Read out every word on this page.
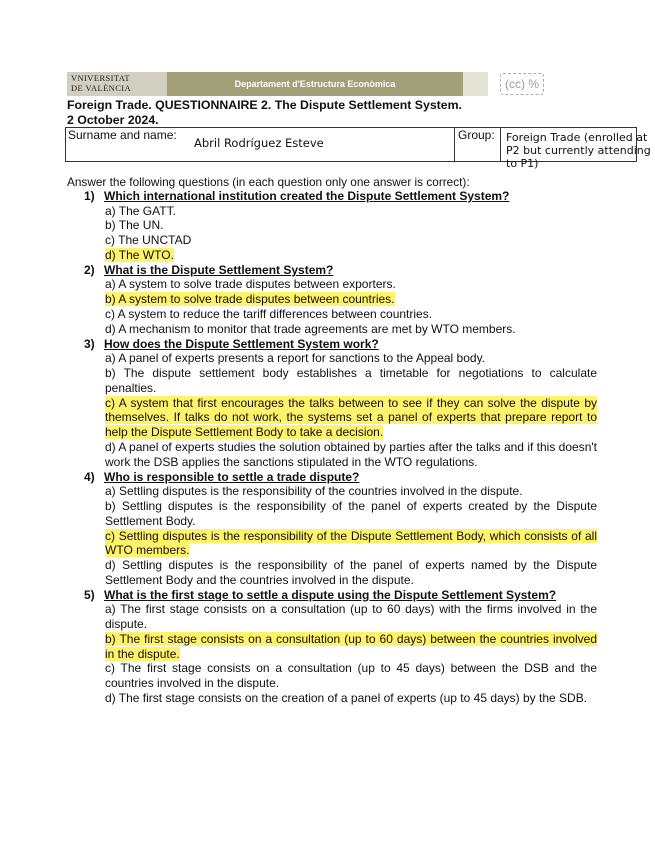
VNIVERSITAT
DE VALÈNCIA	Departament d'Estructura Econòmica	(cc) %
Foreign Trade. QUESTIONNAIRE 2. The Dispute Settlement System.
2 October 2024.
Surname and name:
Abril Rodríguez Esteve
Group: Foreign Trade (enrolled at P2 but currently attending to P1)
Answer the following questions (in each question only one answer is correct):
1) Which international institution created the Dispute Settlement System?
a) The GATT.
b) The UN.
c) The UNCTAD
d) The WTO.
2) What is the Dispute Settlement System?
a) A system to solve trade disputes between exporters.
b) A system to solve trade disputes between countries.
c) A system to reduce the tariff differences between countries.
d) A mechanism to monitor that trade agreements are met by WTO members.
3) How does the Dispute Settlement System work?
a) A panel of experts presents a report for sanctions to the Appeal body.
b) The dispute settlement body establishes a timetable for negotiations to calculate penalties.
c) A system that first encourages the talks between to see if they can solve the dispute by themselves. If talks do not work, the systems set a panel of experts that prepare report to help the Dispute Settlement Body to take a decision.
d) A panel of experts studies the solution obtained by parties after the talks and if this doesn't work the DSB applies the sanctions stipulated in the WTO regulations.
4) Who is responsible to settle a trade dispute?
a) Settling disputes is the responsibility of the countries involved in the dispute.
b) Settling disputes is the responsibility of the panel of experts created by the Dispute Settlement Body.
c) Settling disputes is the responsibility of the Dispute Settlement Body, which consists of all WTO members.
d) Settling disputes is the responsibility of the panel of experts named by the Dispute Settlement Body and the countries involved in the dispute.
5) What is the first stage to settle a dispute using the Dispute Settlement System?
a) The first stage consists on a consultation (up to 60 days) with the firms involved in the dispute.
b) The first stage consists on a consultation (up to 60 days) between the countries involved in the dispute.
c) The first stage consists on a consultation (up to 45 days) between the DSB and the countries involved in the dispute.
d) The first stage consists on the creation of a panel of experts (up to 45 days) by the SDB.
